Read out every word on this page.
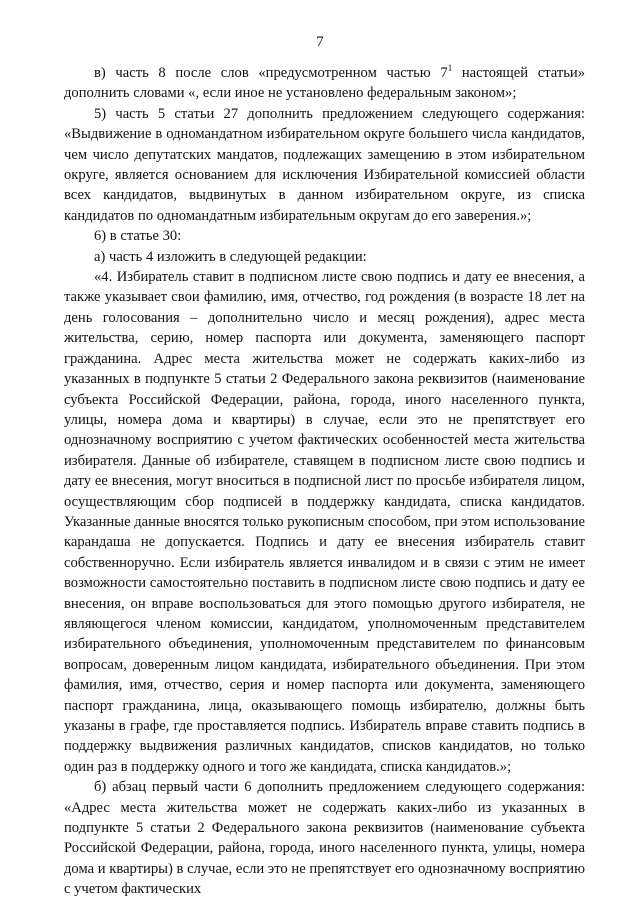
7

в) часть 8 после слов «предусмотренном частью $7^1$ настоящей статьи» дополнить словами «, если иное не установлено федеральным законом»;

5) часть 5 статьи 27 дополнить предложением следующего содержания: «Выдвижение в одномандатном избирательном округе большего числа кандидатов, чем число депутатских мандатов, подлежащих замещению в этом избирательном округе, является основанием для исключения Избирательной комиссией области всех кандидатов, выдвинутых в данном избирательном округе, из списка кандидатов по одномандатным избирательным округам до его заверения.»;

6) в статье 30:

а) часть 4 изложить в следующей редакции:

«4. Избиратель ставит в подписном листе свою подпись и дату ее внесения, а также указывает свои фамилию, имя, отчество, год рождения (в возрасте 18 лет на день голосования – дополнительно число и месяц рождения), адрес места жительства, серию, номер паспорта или документа, заменяющего паспорт гражданина. Адрес места жительства может не содержать каких-либо из указанных в подпункте 5 статьи 2 Федерального закона реквизитов (наименование субъекта Российской Федерации, района, города, иного населенного пункта, улицы, номера дома и квартиры) в случае, если это не препятствует его однозначному восприятию с учетом фактических особенностей места жительства избирателя. Данные об избирателе, ставящем в подписном листе свою подпись и дату ее внесения, могут вноситься в подписной лист по просьбе избирателя лицом, осуществляющим сбор подписей в поддержку кандидата, списка кандидатов. Указанные данные вносятся только рукописным способом, при этом использование карандаша не допускается. Подпись и дату ее внесения избиратель ставит собственноручно. Если избиратель является инвалидом и в связи с этим не имеет возможности самостоятельно поставить в подписном листе свою подпись и дату ее внесения, он вправе воспользоваться для этого помощью другого избирателя, не являющегося членом комиссии, кандидатом, уполномоченным представителем избирательного объединения, уполномоченным представителем по финансовым вопросам, доверенным лицом кандидата, избирательного объединения. При этом фамилия, имя, отчество, серия и номер паспорта или документа, заменяющего паспорт гражданина, лица, оказывающего помощь избирателю, должны быть указаны в графе, где проставляется подпись. Избиратель вправе ставить подпись в поддержку выдвижения различных кандидатов, списков кандидатов, но только один раз в поддержку одного и того же кандидата, списка кандидатов.»;

б) абзац первый части 6 дополнить предложением следующего содержания: «Адрес места жительства может не содержать каких-либо из указанных в подпункте 5 статьи 2 Федерального закона реквизитов (наименование субъекта Российской Федерации, района, города, иного населенного пункта, улицы, номера дома и квартиры) в случае, если это не препятствует его однозначному восприятию с учетом фактических
